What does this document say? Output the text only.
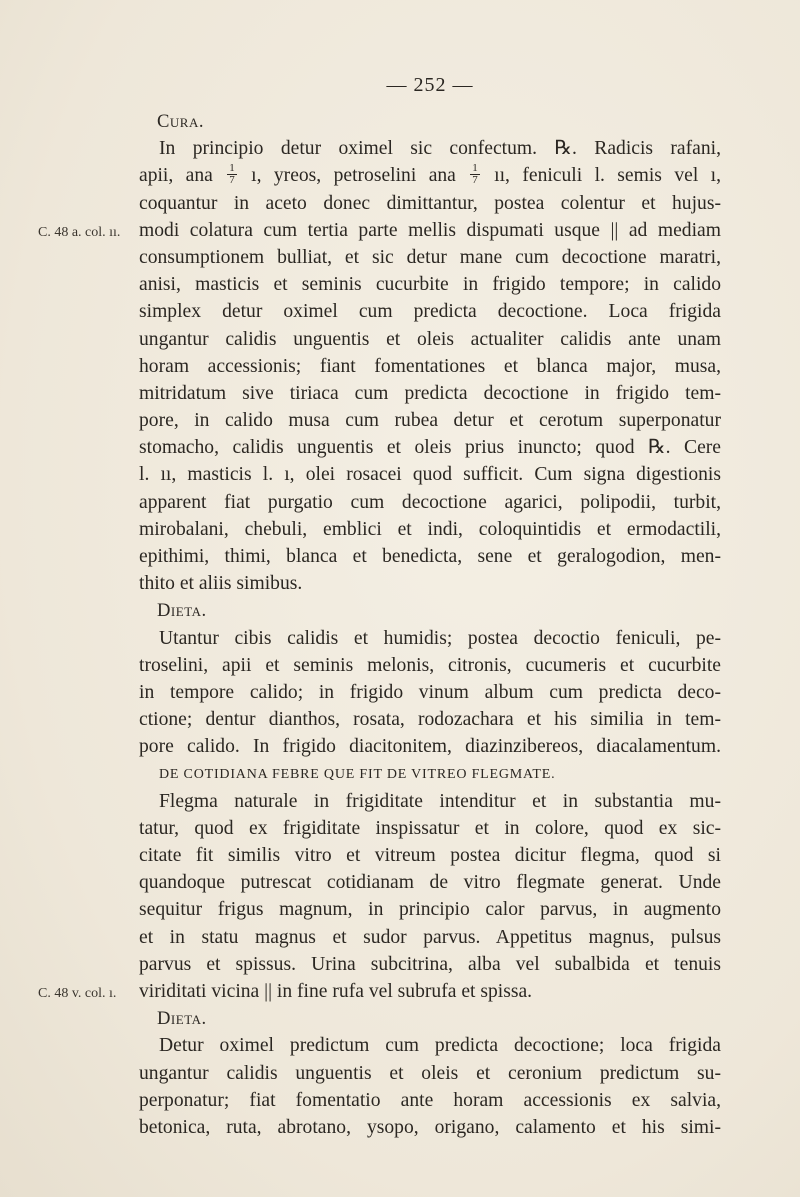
— 252 —
Cura.
In principio detur oximel sic confectum. ℞. Radicis rafani,
apii, ana $\frac{1}{7}$ ı, yreos, petroselini ana $\frac{1}{7}$ ıı, feniculi l. semis vel ı,
coquantur in aceto donec dimittantur, postea colentur et hujus-
modi colatura cum tertia parte mellis dispumati usque || ad mediam
C. 48 a. col. ıı.
consumptionem bulliat, et sic detur mane cum decoctione maratri,
anisi, masticis et seminis cucurbite in frigido tempore; in calido
simplex detur oximel cum predicta decoctione. Loca frigida
ungantur calidis unguentis et oleis actualiter calidis ante unam
horam accessionis; fiant fomentationes et blanca major, musa,
mitridatum sive tiriaca cum predicta decoctione in frigido tem-
pore, in calido musa cum rubea detur et cerotum superponatur
stomacho, calidis unguentis et oleis prius inuncto; quod ℞. Cere
l. ıı, masticis l. ı, olei rosacei quod sufficit. Cum signa digestionis
apparent fiat purgatio cum decoctione agarici, polipodii, turbit,
mirobalani, chebuli, emblici et indi, coloquintidis et ermodactili,
epithimi, thimi, blanca et benedicta, sene et geralogodion, men-
thito et aliis simibus.
Dieta.
Utantur cibis calidis et humidis; postea decoctio feniculi, pe-
troselini, apii et seminis melonis, citronis, cucumeris et cucurbite
in tempore calido; in frigido vinum album cum predicta deco-
ctione; dentur dianthos, rosata, rodozachara et his similia in tem-
pore calido. In frigido diacitonitem, diazinzibereos, diacalamentum.
DE COTIDIANA FEBRE QUE FIT DE VITREO FLEGMATE.
Flegma naturale in frigiditate intenditur et in substantia mu-
tatur, quod ex frigiditate inspissatur et in colore, quod ex sic-
citate fit similis vitro et vitreum postea dicitur flegma, quod si
quandoque putrescat cotidianam de vitro flegmate generat. Unde
sequitur frigus magnum, in principio calor parvus, in augmento
et in statu magnus et sudor parvus. Appetitus magnus, pulsus
parvus et spissus. Urina subcitrina, alba vel subalbida et tenuis
viriditati vicina || in fine rufa vel subrufa et spissa.
C. 48 v. col. ı.
Dieta.
Detur oximel predictum cum predicta decoctione; loca frigida
ungantur calidis unguentis et oleis et ceronium predictum su-
perponatur; fiat fomentatio ante horam accessionis ex salvia,
betonica, ruta, abrotano, ysopo, origano, calamento et his simi-
